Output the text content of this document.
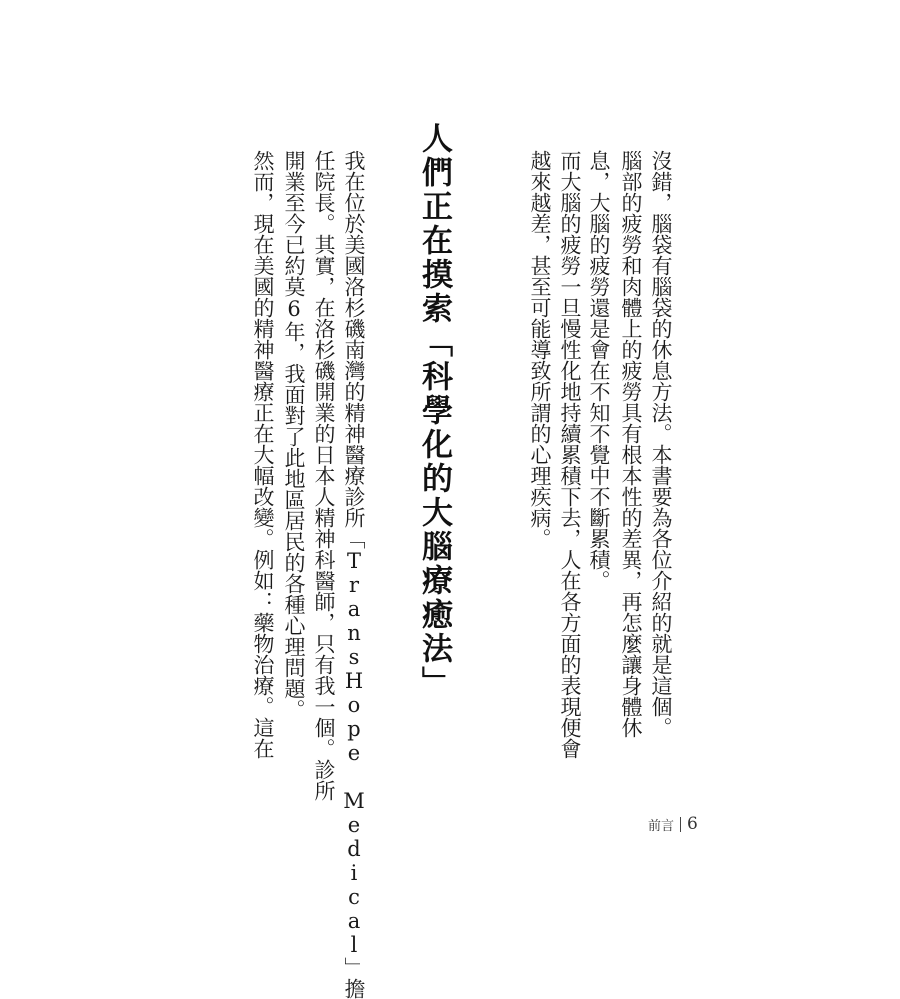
沒錯，腦袋有腦袋的休息方法。本書要為各位介紹的就是這個。
腦部的疲勞和肉體上的疲勞具有根本性的差異，再怎麼讓身體休
息，大腦的疲勞還是會在不知不覺中不斷累積。
而大腦的疲勞一旦慢性化地持續累積下去，人在各方面的表現便會
越來越差，甚至可能導致所謂的心理疾病。
人們正在摸索「科學化的大腦療癒法」
我在位於美國洛杉磯南灣的精神醫療診所「TransHope Medical」擔
任院長。其實，在洛杉磯開業的日本人精神科醫師，只有我一個。診所
開業至今已約莫6年，我面對了此地區居民的各種心理問題。
然而，現在美國的精神醫療正在大幅改變。例如：藥物治療。這在
前言 6
